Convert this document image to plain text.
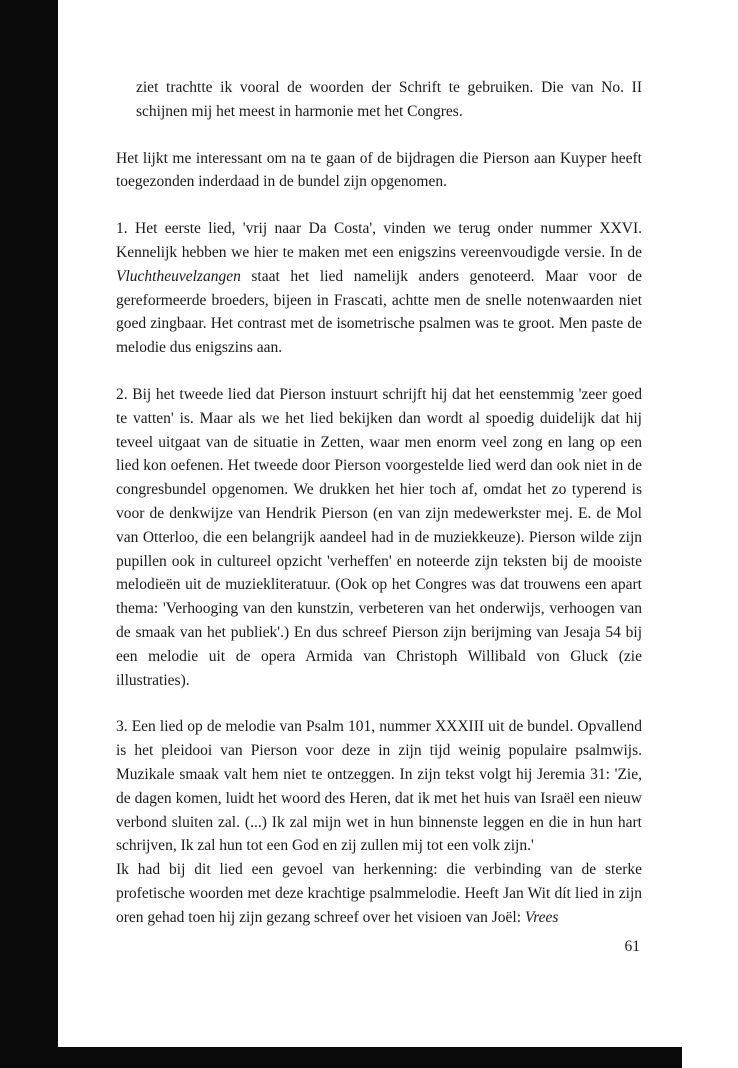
ziet trachtte ik vooral de woorden der Schrift te gebruiken. Die van No. II schijnen mij het meest in harmonie met het Congres.

Het lijkt me interessant om na te gaan of de bijdragen die Pierson aan Kuyper heeft toegezonden inderdaad in de bundel zijn opgenomen.

1. Het eerste lied, 'vrij naar Da Costa', vinden we terug onder nummer XXVI. Kennelijk hebben we hier te maken met een enigszins vereenvoudigde versie. In de Vluchtheuvelzangen staat het lied namelijk anders genoteerd. Maar voor de gereformeerde broeders, bijeen in Frascati, achtte men de snelle notenwaarden niet goed zingbaar. Het contrast met de isometrische psalmen was te groot. Men paste de melodie dus enigszins aan.

2. Bij het tweede lied dat Pierson instuurt schrijft hij dat het eenstemmig 'zeer goed te vatten' is. Maar als we het lied bekijken dan wordt al spoedig duidelijk dat hij teveel uitgaat van de situatie in Zetten, waar men enorm veel zong en lang op een lied kon oefenen. Het tweede door Pierson voorgestelde lied werd dan ook niet in de congresbundel opgenomen. We drukken het hier toch af, omdat het zo typerend is voor de denkwijze van Hendrik Pierson (en van zijn medewerkster mej. E. de Mol van Otterloo, die een belangrijk aandeel had in de muziekkeuze). Pierson wilde zijn pupillen ook in cultureel opzicht 'verheffen' en noteerde zijn teksten bij de mooiste melodieën uit de muziekliteratuur. (Ook op het Congres was dat trouwens een apart thema: 'Verhooging van den kunstzin, verbeteren van het onderwijs, verhoogen van de smaak van het publiek'.) En dus schreef Pierson zijn berijming van Jesaja 54 bij een melodie uit de opera Armida van Christoph Willibald von Gluck (zie illustraties).

3. Een lied op de melodie van Psalm 101, nummer XXXIII uit de bundel. Opvallend is het pleidooi van Pierson voor deze in zijn tijd weinig populaire psalmwijs. Muzikale smaak valt hem niet te ontzeggen. In zijn tekst volgt hij Jeremia 31: 'Zie, de dagen komen, luidt het woord des Heren, dat ik met het huis van Israël een nieuw verbond sluiten zal. (...) Ik zal mijn wet in hun binnenste leggen en die in hun hart schrijven, Ik zal hun tot een God en zij zullen mij tot een volk zijn.'

Ik had bij dit lied een gevoel van herkenning: die verbinding van de sterke profetische woorden met deze krachtige psalmmelodie. Heeft Jan Wit dít lied in zijn oren gehad toen hij zijn gezang schreef over het visioen van Joël: Vrees

61
